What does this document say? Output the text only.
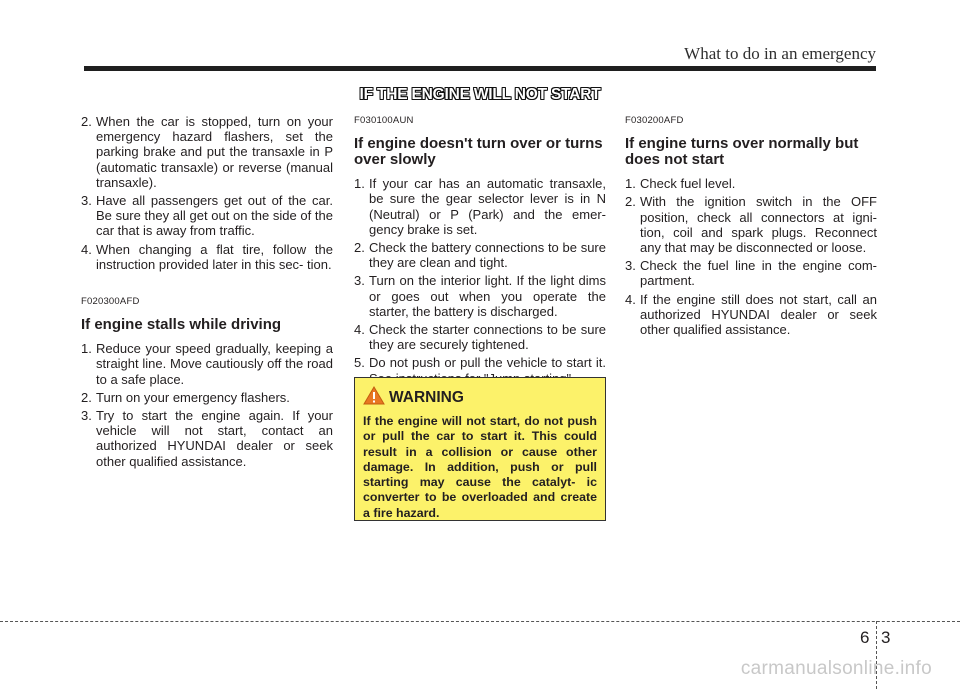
What to do in an emergency
IF THE ENGINE WILL NOT START
2. When the car is stopped, turn on your emergency hazard flashers, set the parking brake and put the transaxle in P (automatic transaxle) or reverse (manual transaxle).
3. Have all passengers get out of the car. Be sure they all get out on the side of the car that is away from traffic.
4. When changing a flat tire, follow the instruction provided later in this sec- tion.
F020300AFD
If engine stalls while driving
1. Reduce your speed gradually, keeping a straight line. Move cautiously off the road to a safe place.
2. Turn on your emergency flashers.
3. Try to start the engine again. If your vehicle will not start, contact an authorized HYUNDAI dealer or seek other qualified assistance.
F030100AUN
If engine doesn't turn over or turns over slowly
1. If your car has an automatic transaxle, be sure the gear selector lever is in N (Neutral) or P (Park) and the emer- gency brake is set.
2. Check the battery connections to be sure they are clean and tight.
3. Turn on the interior light. If the light dims or goes out when you operate the starter, the battery is discharged.
4. Check the starter connections to be sure they are securely tightened.
5. Do not push or pull the vehicle to start it.
WARNING

If the engine will not start, do not push or pull the car to start it. This could result in a collision or cause other damage. In addition, push or pull starting may cause the catalyt- ic converter to be overloaded and create a fire hazard.

F030200AFD
If engine turns over normally but does not start
1. Check fuel level.
2. With the ignition switch in the OFF position, check all connectors at igni- tion, coil and spark plugs. Reconnect any that may be disconnected or loose.
3. Check the fuel line in the engine com- partment.
4. If the engine still does not start, call an authorized HYUNDAI dealer or seek other qualified assistance.
6 3
carmanualsonline.info
